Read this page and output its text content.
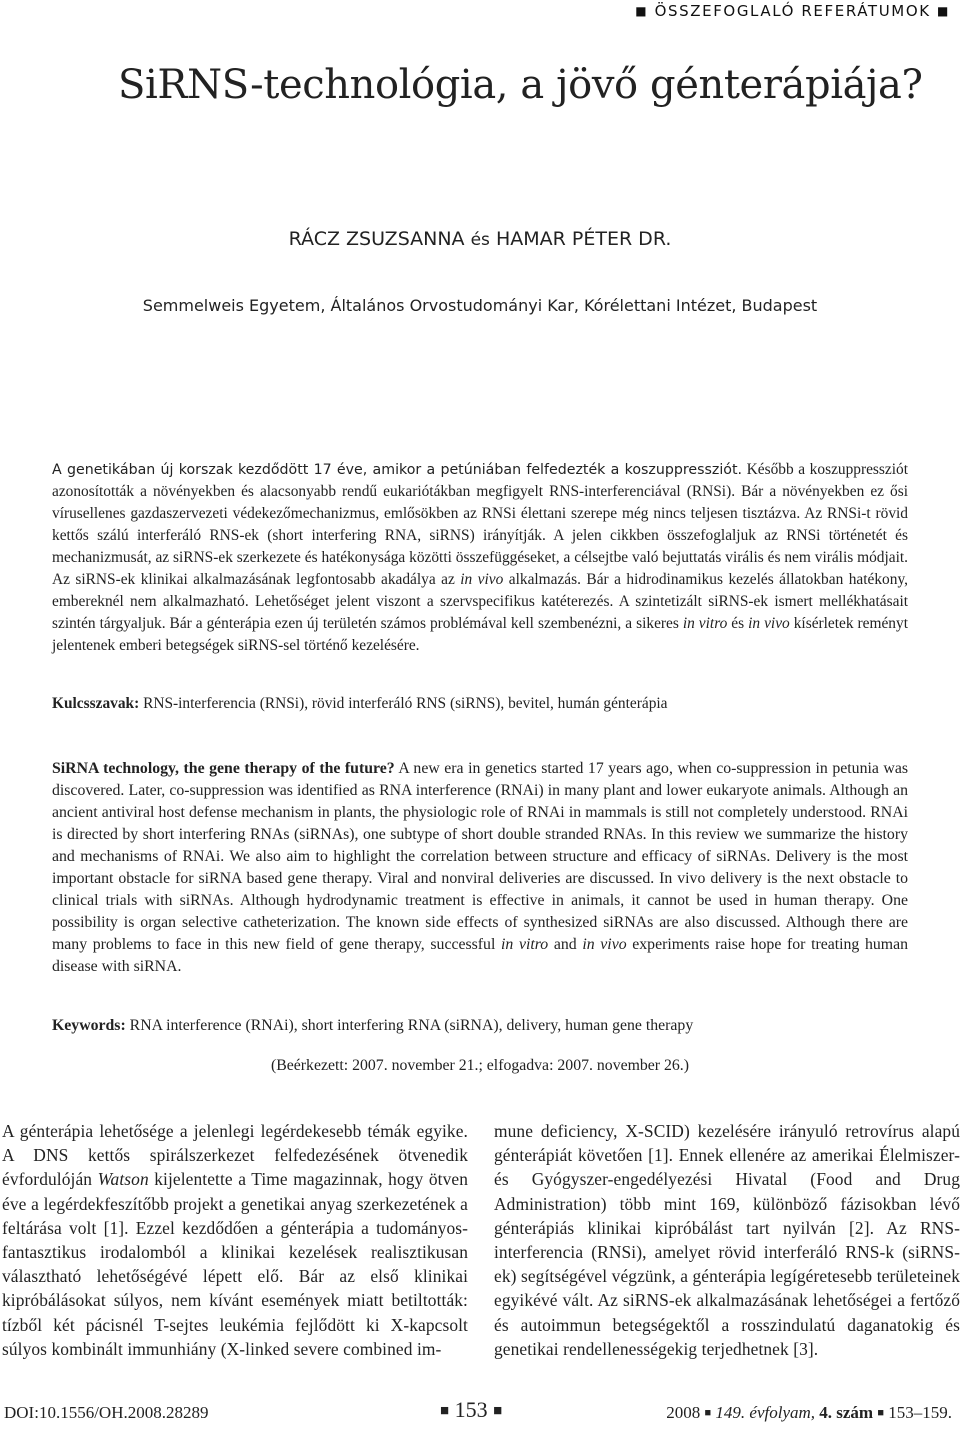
■ ÖSSZEFOGLALÓ REFERÁTUMOK ■
SiRNS-technológia, a jövő génterápiája?
RÁCZ ZSUZSANNA és HAMAR PÉTER DR.
Semmelweis Egyetem, Általános Orvostudományi Kar, Kórélettani Intézet, Budapest
A genetikában új korszak kezdődött 17 éve, amikor a petúniában felfedezték a koszuppressziót. Később a koszuppressziót azonosították a növényekben és alacsonyabb rendű eukariótákban megfigyelt RNS-interferenciával (RNSi). Bár a növényekben ez ősi vírusellenes gazdaszervezeti védekezőmechanizmus, emlősökben az RNSi élettani szerepe még nincs teljesen tisztázva. Az RNSi-t rövid kettős szálú interferáló RNS-ek (short interfering RNA, siRNS) irányítják. A jelen cikkben összefoglaljuk az RNSi történetét és mechanizmusát, az siRNS-ek szerkezete és hatékonysága közötti összefüggéseket, a célsejtbe való bejuttatás virális és nem virális módjait. Az siRNS-ek klinikai alkalmazásának legfontosabb akadálya az in vivo alkalmazás. Bár a hidrodinamikus kezelés állatokban hatékony, embereknél nem alkalmazható. Lehetőséget jelent viszont a szervspecifikus katéterezés. A szintetizált siRNS-ek ismert mellékhatásait szintén tárgyaljuk. Bár a génterápia ezen új területén számos problémával kell szembenézni, a sikeres in vitro és in vivo kísérletek reményt jelentenek emberi betegségek siRNS-sel történő kezelésére.
Kulcsszavak: RNS-interferencia (RNSi), rövid interferáló RNS (siRNS), bevitel, humán génterápia
SiRNA technology, the gene therapy of the future? A new era in genetics started 17 years ago, when co-suppression in petunia was discovered. Later, co-suppression was identified as RNA interference (RNAi) in many plant and lower eukaryote animals. Although an ancient antiviral host defense mechanism in plants, the physiologic role of RNAi in mammals is still not completely understood. RNAi is directed by short interfering RNAs (siRNAs), one subtype of short double stranded RNAs. In this review we summarize the history and mechanisms of RNAi. We also aim to highlight the correlation between structure and efficacy of siRNAs. Delivery is the most important obstacle for siRNA based gene therapy. Viral and nonviral deliveries are discussed. In vivo delivery is the next obstacle to clinical trials with siRNAs. Although hydrodynamic treatment is effective in animals, it cannot be used in human therapy. One possibility is organ selective catheterization. The known side effects of synthesized siRNAs are also discussed. Although there are many problems to face in this new field of gene therapy, successful in vitro and in vivo experiments raise hope for treating human disease with siRNA.
Keywords: RNA interference (RNAi), short interfering RNA (siRNA), delivery, human gene therapy
(Beérkezett: 2007. november 21.; elfogadva: 2007. november 26.)
A génterápia lehetősége a jelenlegi legérdekesebb témák egyike. A DNS kettős spirálszerkezet felfedezésének ötvenedik évfordulóján Watson kijelentette a Time magazinnak, hogy ötven éve a legérdekfeszítőbb projekt a genetikai anyag szerkezetének a feltárása volt [1]. Ezzel kezdődően a génterápia a tudományos-fantasztikus irodalomból a klinikai kezelések realisztikusan választható lehetőségévé lépett elő. Bár az első klinikai kipróbálásokat súlyos, nem kívánt események miatt betiltották: tízből két pácisnél T-sejtes leukémia fejlődött ki X-kapcsolt súlyos kombinált immunhiány (X-linked severe combined im-
mune deficiency, X-SCID) kezelésére irányuló retrovírus alapú génterápiát követően [1]. Ennek ellenére az amerikai Élelmiszer- és Gyógyszer-engedélyezési Hivatal (Food and Drug Administration) több mint 169, különböző fázisokban lévő génterápiás klinikai kipróbálást tart nyilván [2]. Az RNS-interferencia (RNSi), amelyet rövid interferáló RNS-k (siRNS-ek) segítségével végzünk, a génterápia legígéretesebb területeinek egyikévé vált. Az siRNS-ek alkalmazásának lehetőségei a fertőző és autoimmun betegségektől a rosszindulatú daganatokig és genetikai rendellenességekig terjedhetnek [3].
DOI:10.1556/OH.2008.28289	■ 153 ■	2008 ■ 149. évfolyam, 4. szám ■ 153–159.
